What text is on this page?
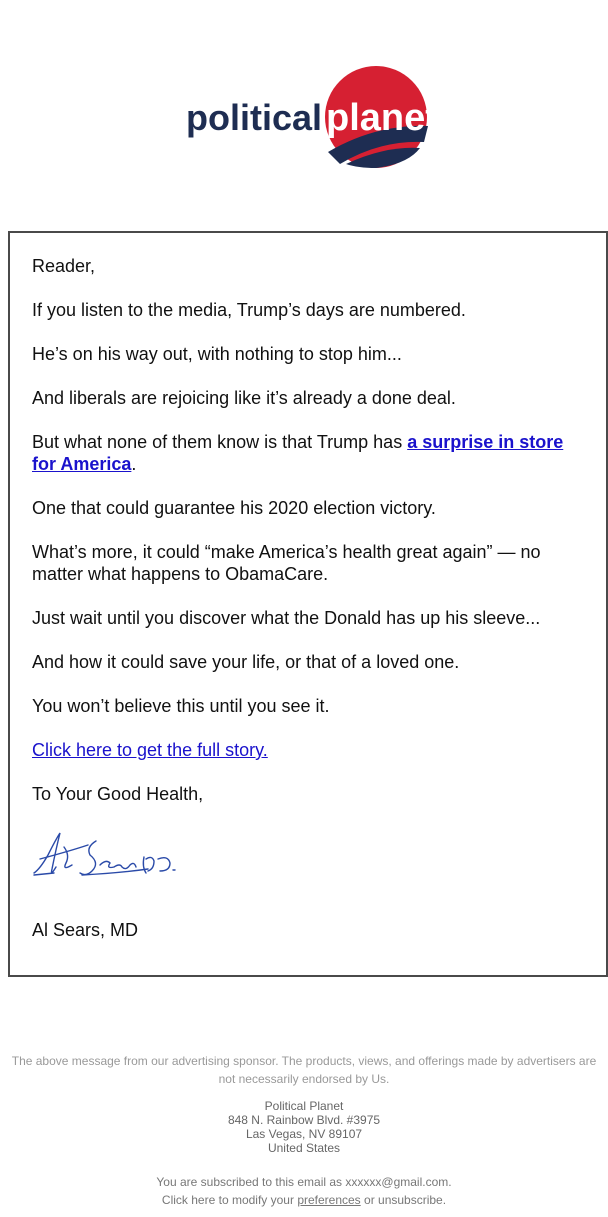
political planet

Reader,

If you listen to the media, Trump’s days are numbered.

He’s on his way out, with nothing to stop him...

And liberals are rejoicing like it’s already a done deal.

But what none of them know is that Trump has a surprise in store for America.

One that could guarantee his 2020 election victory.

What’s more, it could “make America’s health great again” — no matter what happens to ObamaCare.

Just wait until you discover what the Donald has up his sleeve...

And how it could save your life, or that of a loved one.

You won’t believe this until you see it.

Click here to get the full story.

To Your Good Health,

Al Sears, MD

The above message from our advertising sponsor. The products, views, and offerings made by advertisers are not necessarily endorsed by Us.
Political Planet
848 N. Rainbow Blvd. #3975
Las Vegas, NV 89107
United States
You are subscribed to this email as xxxxxx@gmail.com.
Click here to modify your preferences or unsubscribe.
